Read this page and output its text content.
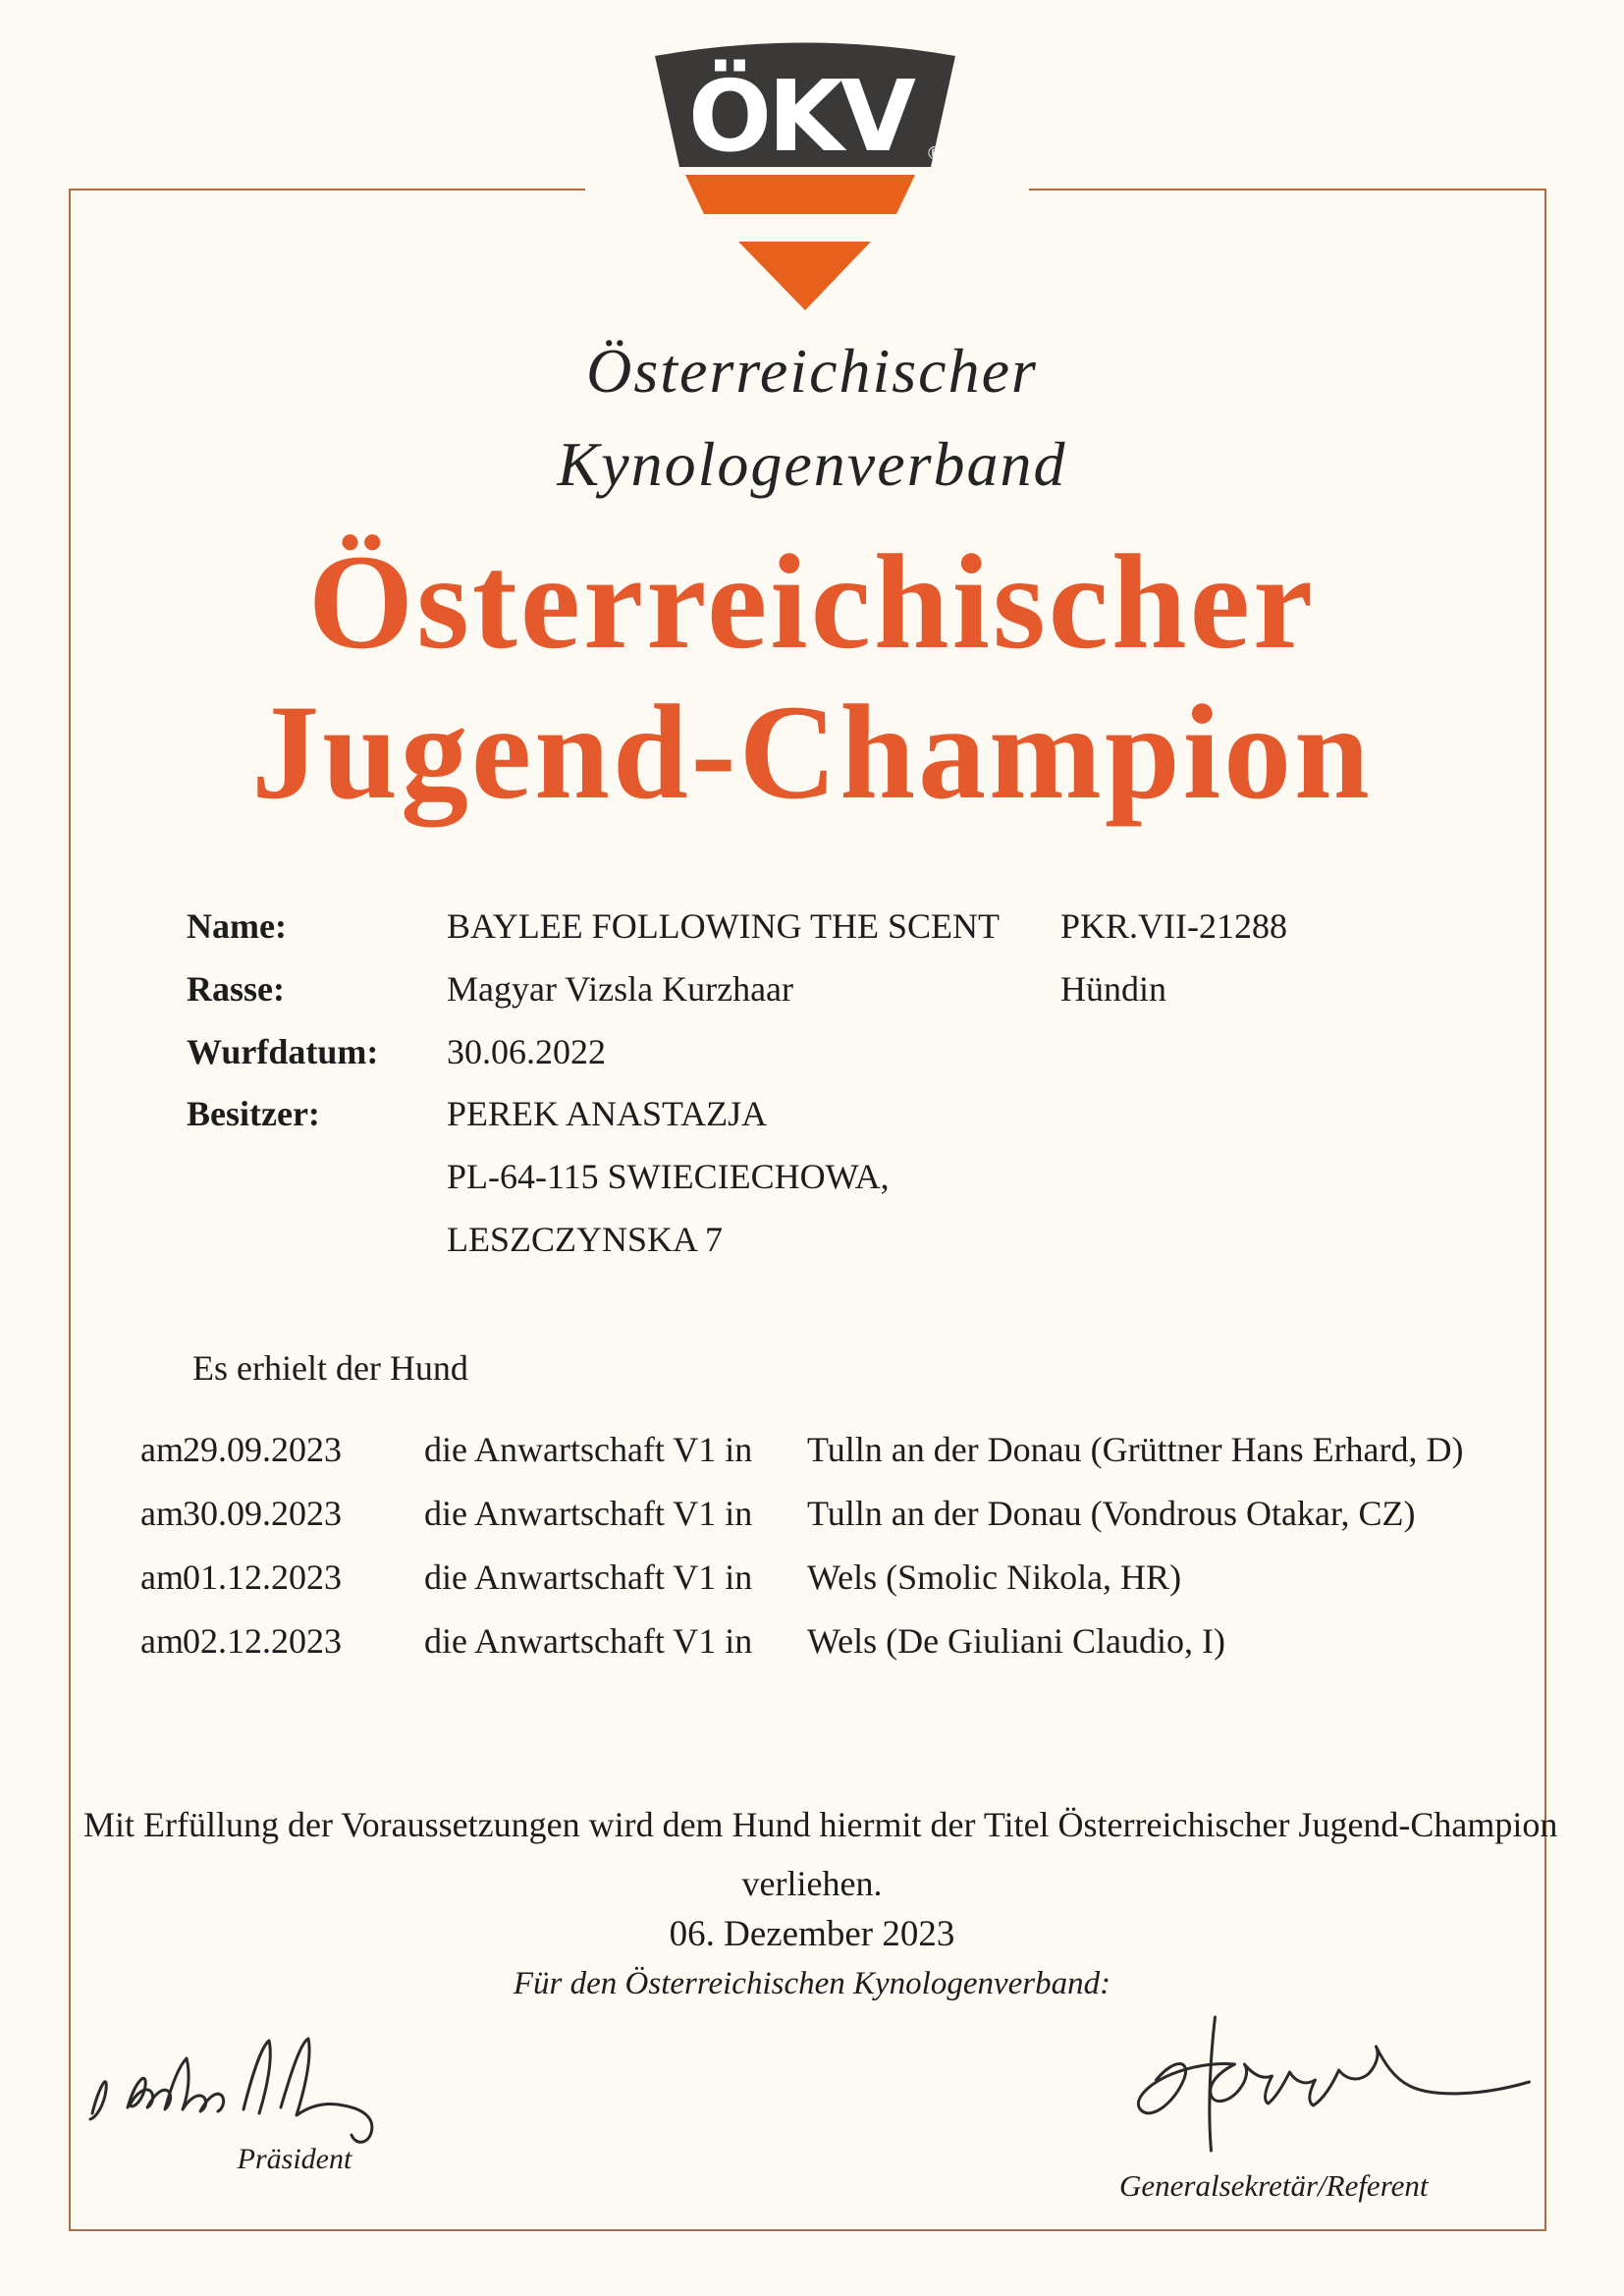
ÖKV ®
Österreichischer
Kynologenverband
Österreichischer
Jugend-Champion
Name:	BAYLEE FOLLOWING THE SCENT PKR.VII-21288
Rasse:	Magyar Vizsla Kurzhaar	Hündin
Wurfdatum: 30.06.2022
Besitzer:	PEREK ANASTAZJA
PL-64-115 SWIECIECHOWA,
LESZCZYNSKA 7
Es erhielt der Hund
am 29.09.2023 die Anwartschaft V1 in Tulln an der Donau (Grüttner Hans Erhard, D)
am 30.09.2023 die Anwartschaft V1 in Tulln an der Donau (Vondrous Otakar, CZ)
am 01.12.2023 die Anwartschaft V1 in Wels (Smolic Nikola, HR)
am 02.12.2023 die Anwartschaft V1 in Wels (De Giuliani Claudio, I)
Mit Erfüllung der Voraussetzungen wird dem Hund hiermit der Titel Österreichischer Jugend-Champion
verliehen.
06. Dezember 2023
Für den Österreichischen Kynologenverband:
Präsident
Generalsekretär/Referent
